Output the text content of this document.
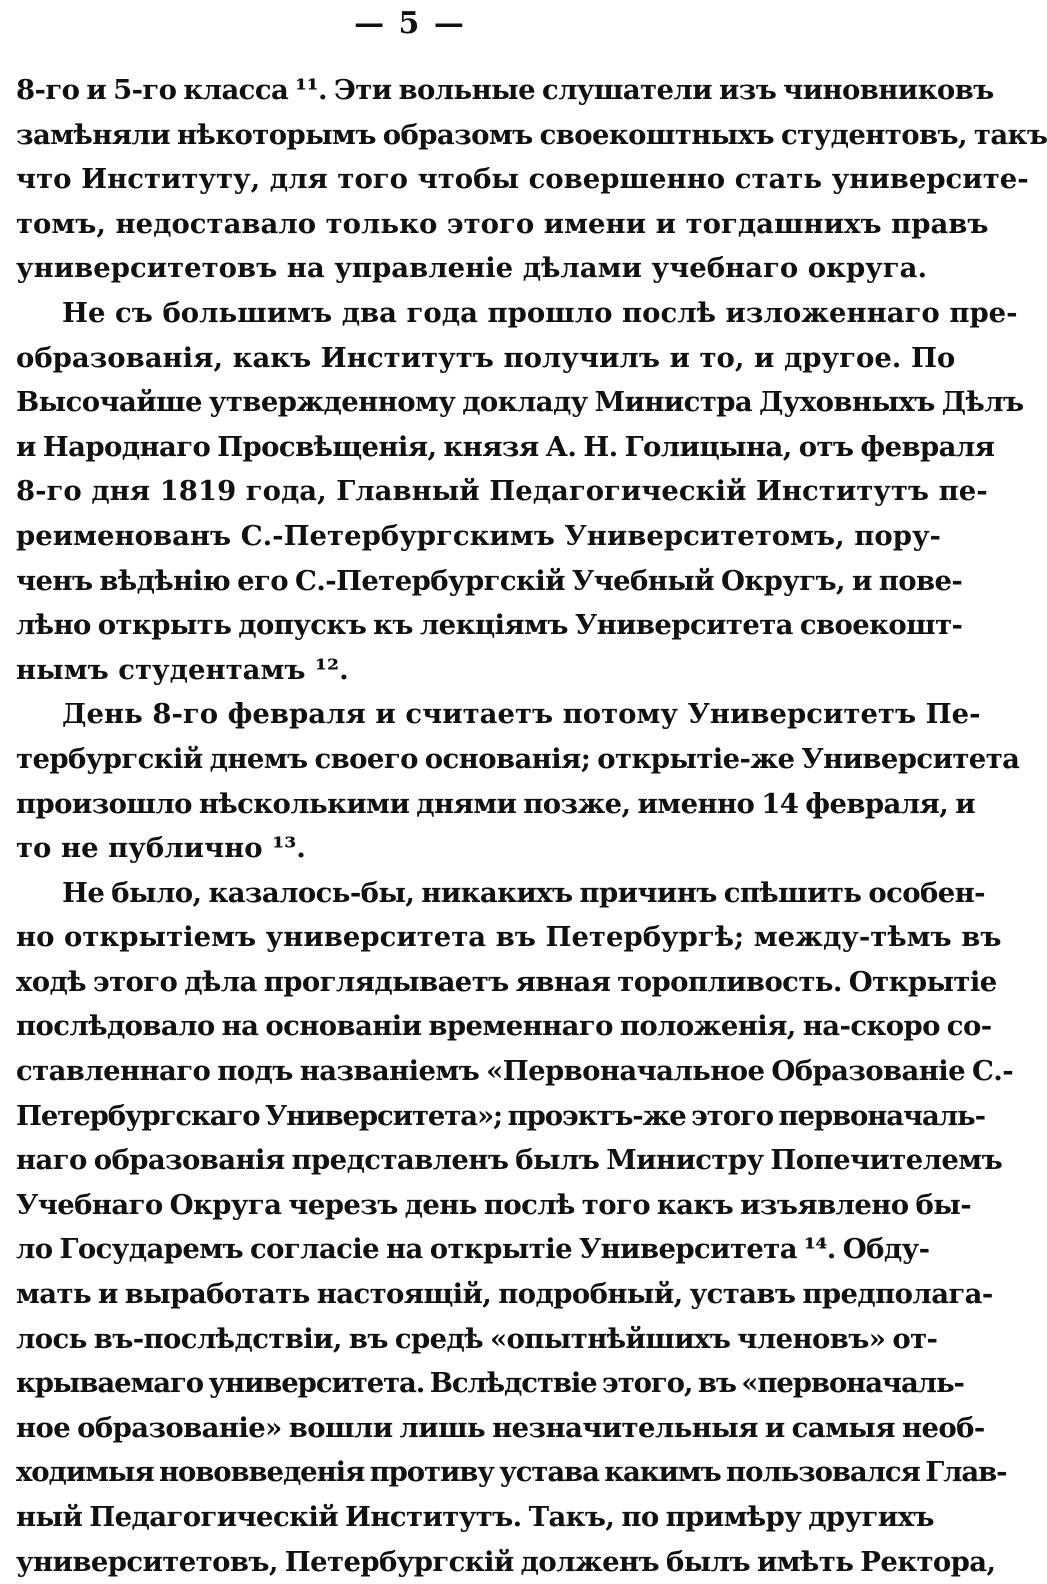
— 5 —
8-го и 5-го класса ¹¹. Эти вольные слушатели изъ чиновниковъ
замѣняли нѣкоторымъ образомъ своекоштныхъ студентовъ, такъ
что Институту, для того чтобы совершенно стать университе-
томъ, недоставало только этого имени и тогдашнихъ правъ
университетовъ на управленіе дѣлами учебнаго округа.
Не съ большимъ два года прошло послѣ изложеннаго пре-
образованія, какъ Институтъ получилъ и то, и другое. По
Высочайше утвержденному докладу Министра Духовныхъ Дѣлъ
и Народнаго Просвѣщенія, князя А. Н. Голицына, отъ февраля
8-го дня 1819 года, Главный Педагогическій Институтъ пе-
реименованъ С.-Петербургскимъ Университетомъ, пору-
ченъ вѣдѣнію его С.-Петербургскій Учебный Округъ, и пове-
лѣно открыть допускъ къ лекціямъ Университета своекошт-
нымъ студентамъ ¹².
День 8-го февраля и считаетъ потому Университетъ Пе-
тербургскій днемъ своего основанія; открытіе-же Университета
произошло нѣсколькими днями позже, именно 14 февраля, и
то не публично ¹³.
Не было, казалось-бы, никакихъ причинъ спѣшить особен-
но открытіемъ университета въ Петербургѣ; между-тѣмъ въ
ходѣ этого дѣла проглядываетъ явная торопливость. Открытіе
послѣдовало на основаніи временнаго положенія, на-скоро со-
ставленнаго подъ названіемъ «Первоначальное Образованіе С.-
Петербургскаго Университета»; проэктъ-же этого первоначаль-
наго образованія представленъ былъ Министру Попечителемъ
Учебнаго Округа черезъ день послѣ того какъ изъявлено бы-
ло Государемъ согласіе на открытіе Университета ¹⁴. Обду-
мать и выработать настоящій, подробный, уставъ предполага-
лось въ-послѣдствіи, въ средѣ «опытнѣйшихъ членовъ» от-
крываемаго университета. Вслѣдствіе этого, въ «первоначаль-
ное образованіе» вошли лишь незначительныя и самыя необ-
ходимыя нововведенія противу устава какимъ пользовался Глав-
ный Педагогическій Институтъ. Такъ, по примѣру другихъ
университетовъ, Петербургскій долженъ былъ имѣть Ректора,
